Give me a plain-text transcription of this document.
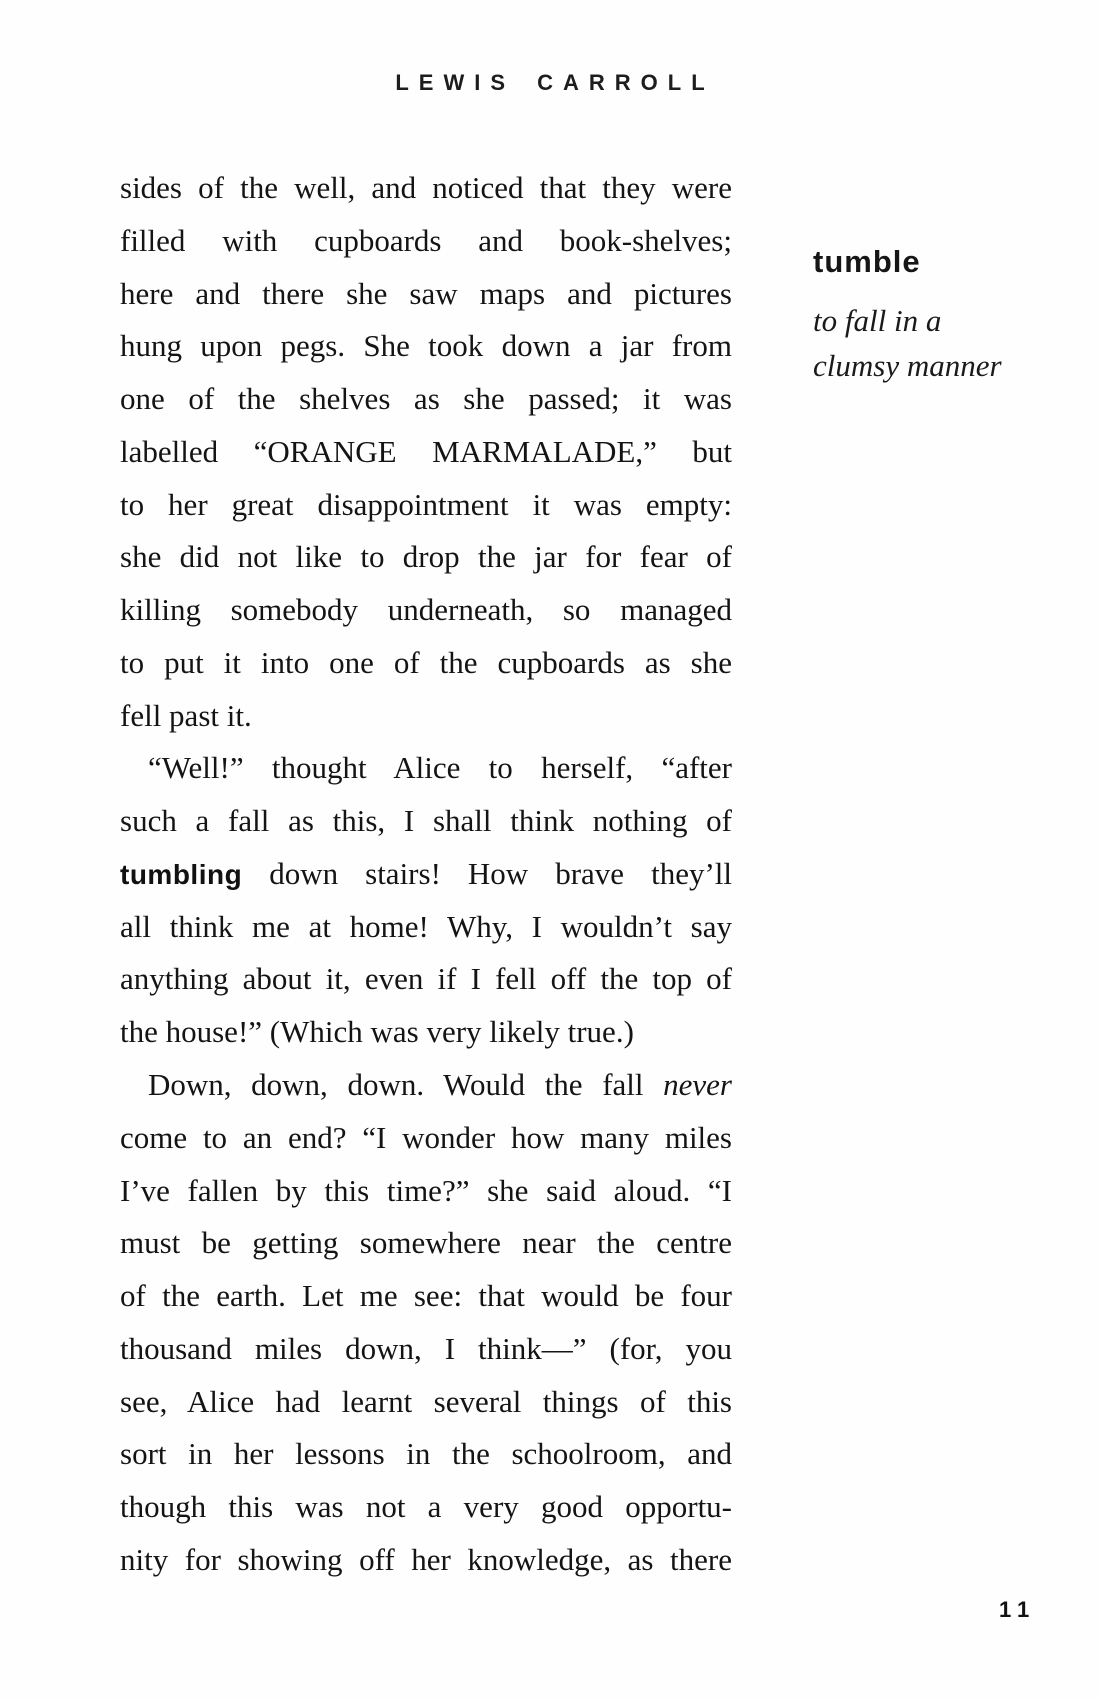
LEWIS CARROLL
sides of the well, and noticed that they were
filled with cupboards and book-shelves;
here and there she saw maps and pictures
hung upon pegs. She took down a jar from
one of the shelves as she passed; it was
labelled “ORANGE MARMALADE,” but
to her great disappointment it was empty:
she did not like to drop the jar for fear of
killing somebody underneath, so managed
to put it into one of the cupboards as she
fell past it.
“Well!” thought Alice to herself, “after
such a fall as this, I shall think nothing of
tumbling down stairs! How brave they’ll
all think me at home! Why, I wouldn’t say
anything about it, even if I fell off the top of
the house!” (Which was very likely true.)
Down, down, down. Would the fall never
come to an end? “I wonder how many miles
I’ve fallen by this time?” she said aloud. “I
must be getting somewhere near the centre
of the earth. Let me see: that would be four
thousand miles down, I think—” (for, you
see, Alice had learnt several things of this
sort in her lessons in the schoolroom, and
though this was not a very good opportu-
nity for showing off her knowledge, as there
tumble
to fall in a
clumsy manner
11
